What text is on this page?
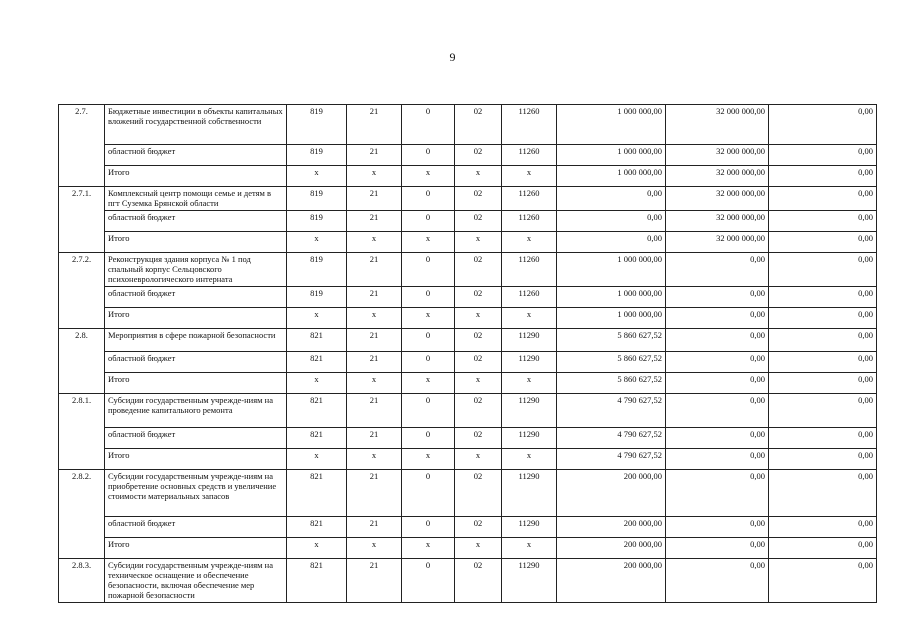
9
2.7.	Бюджетные инвестиции в объекты капитальных вложений государственной собственности	819	21	0	02	11260	1 000 000,00	32 000 000,00	0,00
	областной бюджет	819	21	0	02	11260	1 000 000,00	32 000 000,00	0,00
	Итого	х	х	х	х	х	1 000 000,00	32 000 000,00	0,00
2.7.1.	Комплексный центр помощи семье и детям в пгт Суземка Брянской области	819	21	0	02	11260	0,00	32 000 000,00	0,00
	областной бюджет	819	21	0	02	11260	0,00	32 000 000,00	0,00
	Итого	х	х	х	х	х	0,00	32 000 000,00	0,00
2.7.2.	Реконструкция здания корпуса № 1 под спальный корпус Сельцовского психоневрологического интерната	819	21	0	02	11260	1 000 000,00	0,00	0,00
	областной бюджет	819	21	0	02	11260	1 000 000,00	0,00	0,00
	Итого	х	х	х	х	х	1 000 000,00	0,00	0,00
2.8.	Мероприятия в сфере пожарной безопасности	821	21	0	02	11290	5 860 627,52	0,00	0,00
	областной бюджет	821	21	0	02	11290	5 860 627,52	0,00	0,00
	Итого	х	х	х	х	х	5 860 627,52	0,00	0,00
2.8.1.	Субсидии государственным учрежде-ниям на проведение капитального ремонта	821	21	0	02	11290	4 790 627,52	0,00	0,00
	областной бюджет	821	21	0	02	11290	4 790 627,52	0,00	0,00
	Итого	х	х	х	х	х	4 790 627,52	0,00	0,00
2.8.2.	Субсидии государственным учрежде-ниям на приобретение основных средств и увеличение стоимости материальных запасов	821	21	0	02	11290	200 000,00	0,00	0,00
	областной бюджет	821	21	0	02	11290	200 000,00	0,00	0,00
	Итого	х	х	х	х	х	200 000,00	0,00	0,00
2.8.3.	Субсидии государственным учрежде-ниям на техническое оснащение и обеспечение безопасности, включая обеспечение мер пожарной безопасности	821	21	0	02	11290	200 000,00	0,00	0,00
